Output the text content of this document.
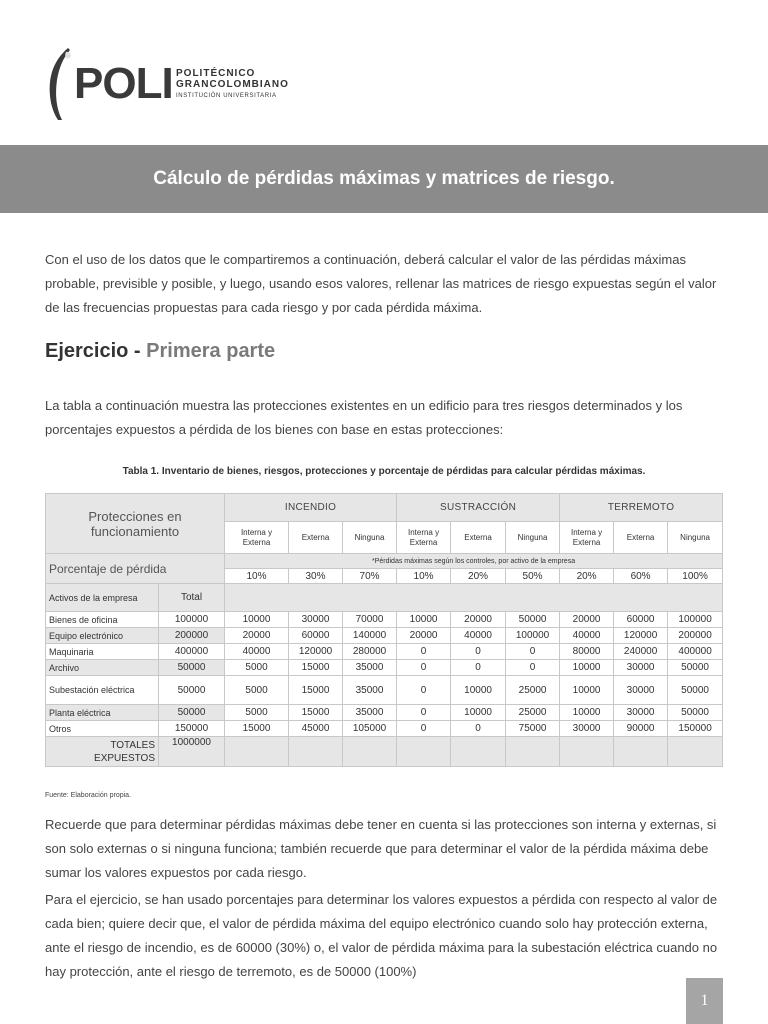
POLI POLITÉCNICO
GRANCOLOMBIANO
INSTITUCIÓN UNIVERSITARIA
Cálculo de pérdidas máximas y matrices de riesgo.

Con el uso de los datos que le compartiremos a continuación, deberá calcular el valor de las pérdidas máximas probable, previsible y posible, y luego, usando esos valores, rellenar las matrices de riesgo expuestas según el valor de las frecuencias propuestas para cada riesgo y por cada pérdida máxima.

Ejercicio - Primera parte

La tabla a continuación muestra las protecciones existentes en un edificio para tres riesgos determinados y los porcentajes expuestos a pérdida de los bienes con base en estas protecciones:

Tabla 1. Inventario de bienes, riesgos, protecciones y porcentaje de pérdidas para calcular pérdidas máximas.
Protecciones en funcionamiento		INCENDIO			SUSTRACCIÓN			TERREMOTO		
		Interna y Externa	Externa	Ninguna	Interna y Externa	Externa	Ninguna	Interna y Externa	Externa	Ninguna
Porcentaje de pérdida		*Pérdidas máximas según los controles, por activo de la empresa								
		10%	30%	70%	10%	20%	50%	20%	60%	100%
Activos de la empresa	Total									
Bienes de oficina	100000	10000	30000	70000	10000	20000	50000	20000	60000	100000
Equipo electrónico	200000	20000	60000	140000	20000	40000	100000	40000	120000	200000
Maquinaria	400000	40000	120000	280000	0	0	0	80000	240000	400000
Archivo	50000	5000	15000	35000	0	0	0	10000	30000	50000
Subestación eléctrica	50000	5000	15000	35000	0	10000	25000	10000	30000	50000
Planta eléctrica	50000	5000	15000	35000	0	10000	25000	10000	30000	50000
Otros	150000	15000	45000	105000	0	0	75000	30000	90000	150000
TOTALES EXPUESTOS	1000000									
Fuente: Elaboración propia.

Recuerde que para determinar pérdidas máximas debe tener en cuenta si las protecciones son interna y externas, si son solo externas o si ninguna funciona; también recuerde que para determinar el valor de la pérdida máxima debe sumar los valores expuestos por cada riesgo.

Para el ejercicio, se han usado porcentajes para determinar los valores expuestos a pérdida con respecto al valor de cada bien; quiere decir que, el valor de pérdida máxima del equipo electrónico cuando solo hay protección externa, ante el riesgo de incendio, es de 60000 (30%) o, el valor de pérdida máxima para la subestación eléctrica cuando no hay protección, ante el riesgo de terremoto, es de 50000 (100%)

1
